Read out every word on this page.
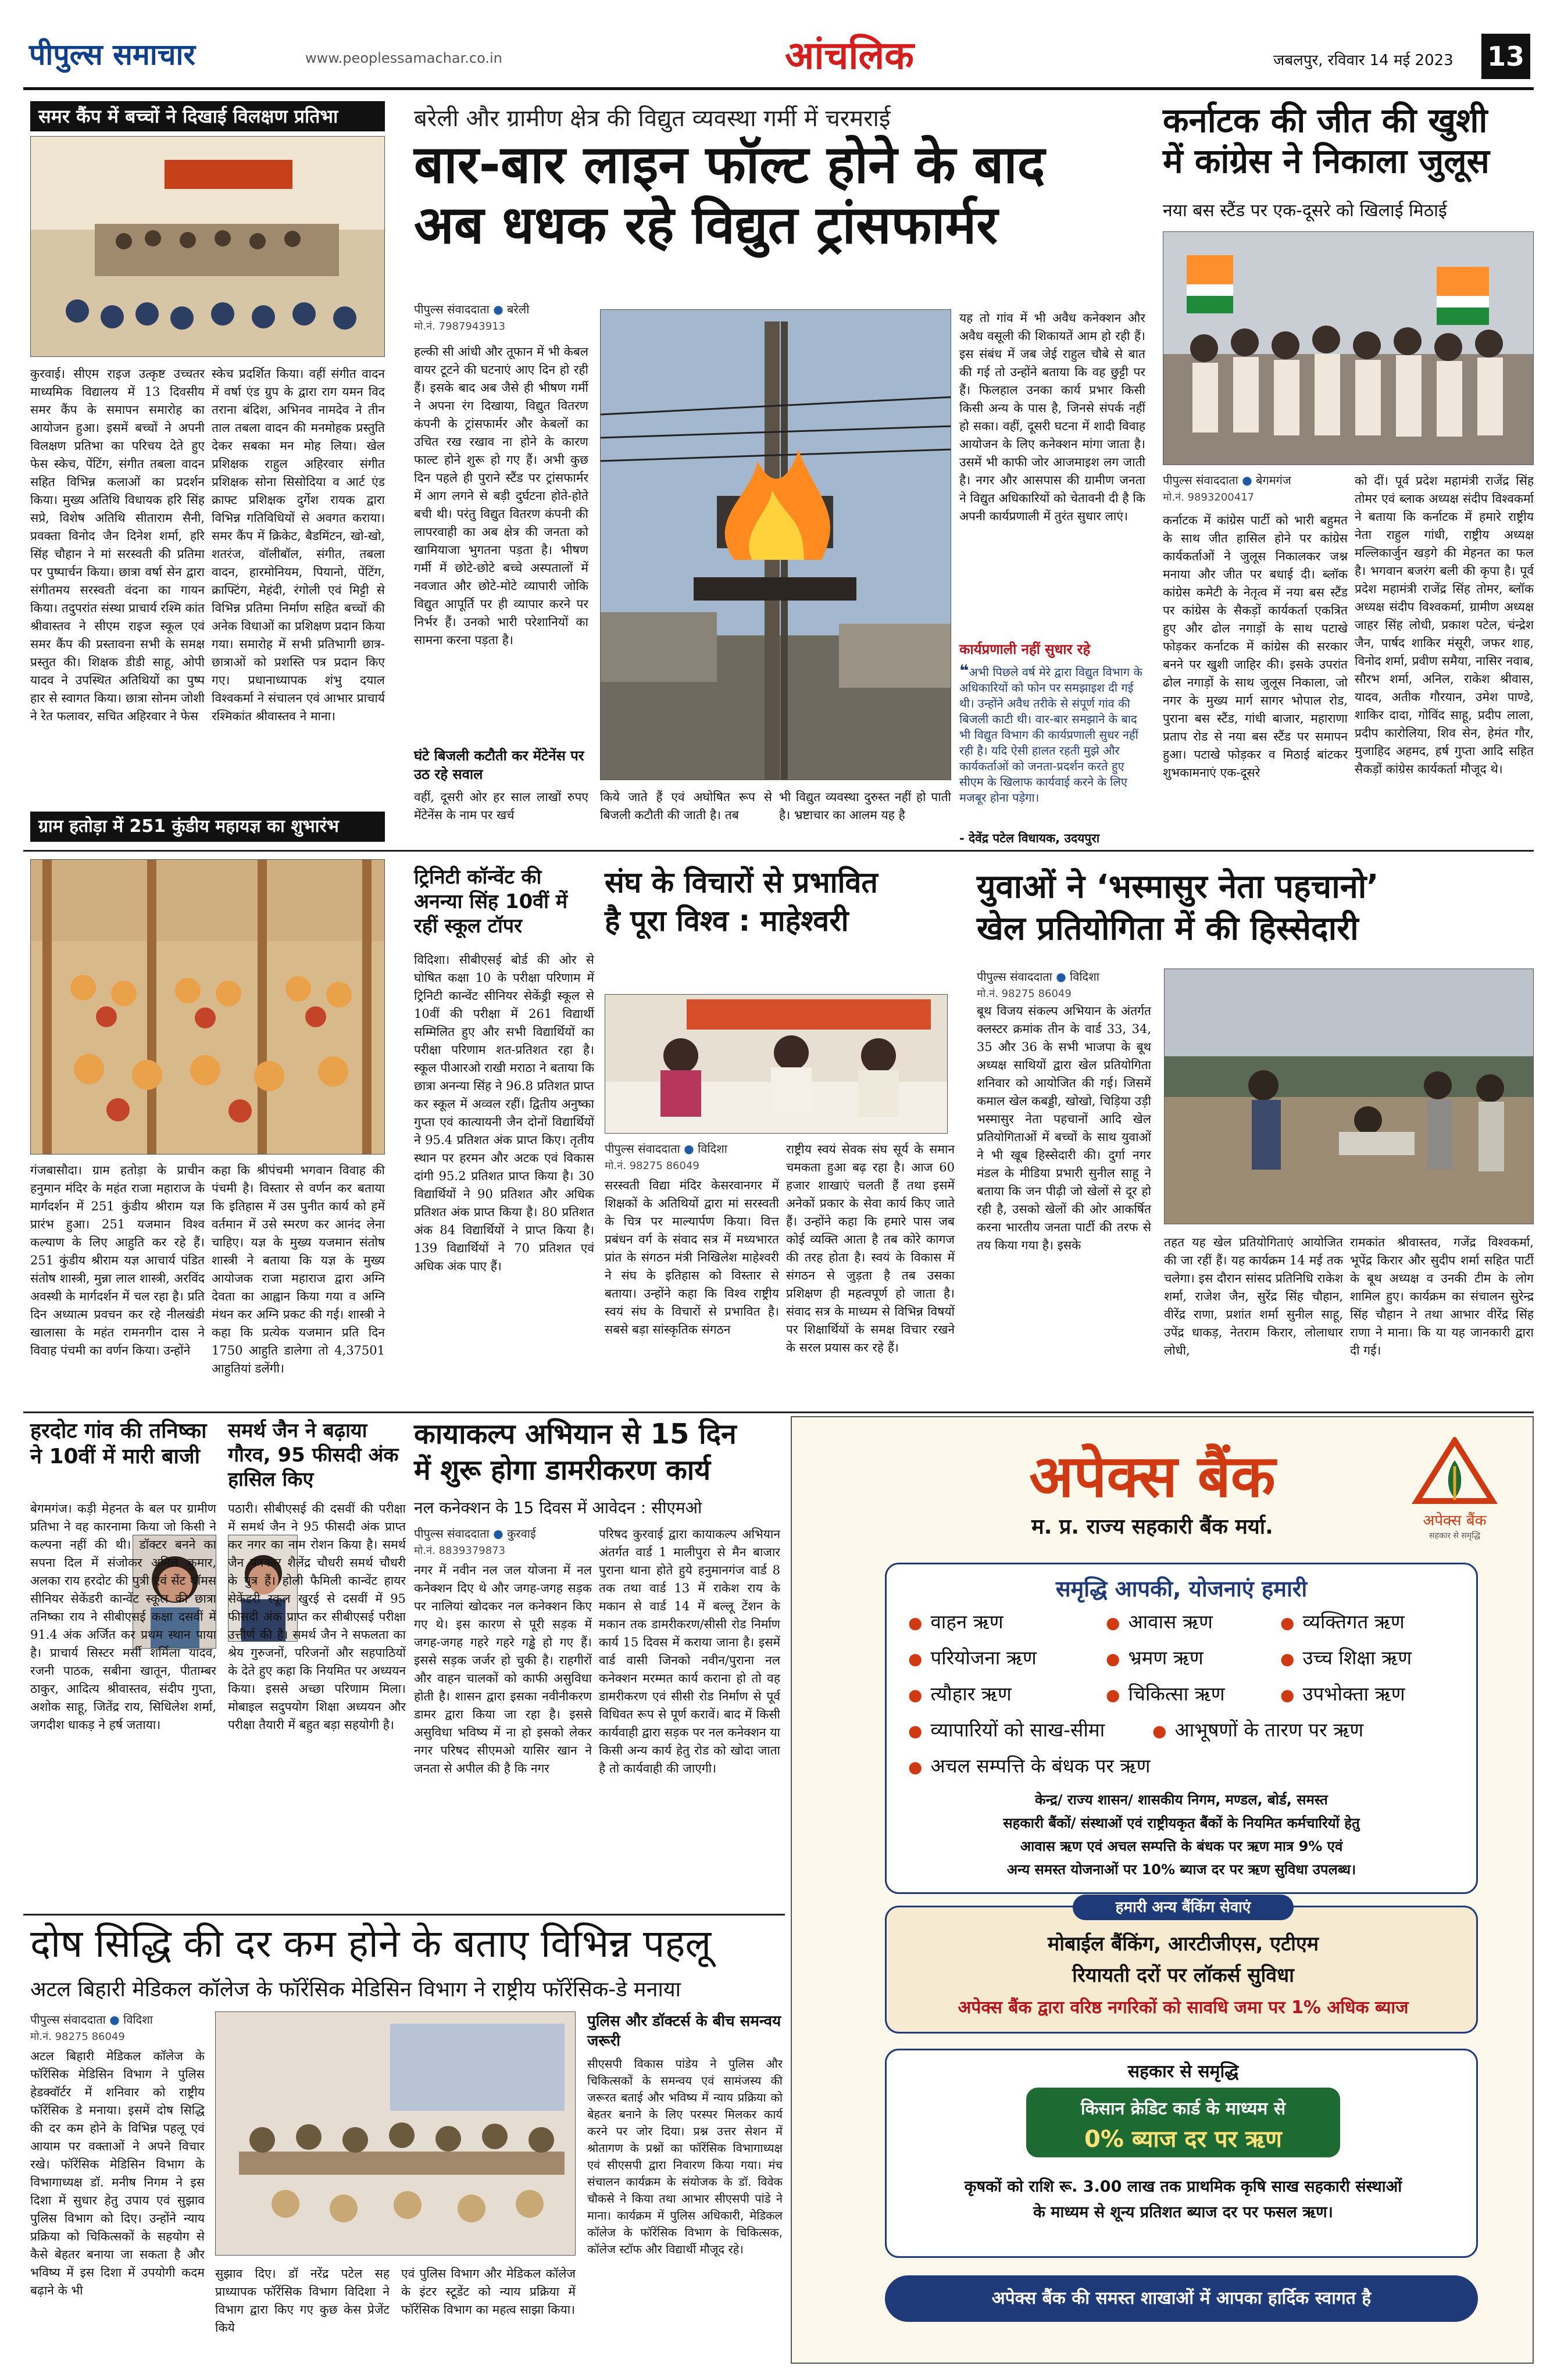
पीपुल्स समाचार	www.peoplessamachar.co.in	आंचलिक	जबलपुर, रविवार 14 मई 2023 13
समर कैंप में बच्चों ने दिखाई विलक्षण प्रतिभा
कुरवाई। सीएम राइज उत्कृष्ट उच्चतर माध्यमिक विद्यालय में 13 दिवसीय समर कैंप के समापन समारोह का आयोजन हुआ। इसमें बच्चों ने अपनी विलक्षण प्रतिभा का परिचय देते हुए फेस स्केच, पेंटिंग, संगीत तबला वादन सहित विभिन्न कलाओं का प्रदर्शन किया। मुख्य अतिथि विधायक हरि सिंह सप्रे, विशेष अतिथि सीताराम सैनी, प्रवक्ता विनोद जैन दिनेश शर्मा, हरि सिंह चौहान ने मां सरस्वती की प्रतिमा पर पुष्पार्चन किया। छात्रा वर्षा सेन द्वारा संगीतमय सरस्वती वंदना का गायन किया। तदुपरांत संस्था प्राचार्य रश्मि कांत श्रीवास्तव ने सीएम राइज स्कूल एवं समर कैंप की प्रस्तावना सभी के समक्ष प्रस्तुत की। शिक्षक डीडी साहू, ओपी यादव ने उपस्थित अतिथियों का पुष्प हार से स्वागत किया। छात्रा सोनम जोशी ने रेत फलावर, सचित अहिरवार ने फेस
स्केच प्रदर्शित किया। वहीं संगीत वादन में वर्षा एंड ग्रुप के द्वारा राग यमन विद तराना बंदिश, अभिनव नामदेव ने तीन ताल तबला वादन की मनमोहक प्रस्तुति देकर सबका मन मोह लिया। खेल प्रशिक्षक राहुल अहिरवार संगीत प्रशिक्षक सोना सिसोदिया व आर्ट एंड क्राफ्ट प्रशिक्षक दुर्गेश रायक द्वारा विभिन्न गतिविधियों से अवगत कराया। समर कैंप में क्रिकेट, बैडमिंटन, खो-खो, शतरंज, वॉलीबॉल, संगीत, तबला वादन, हारमोनियम, पियानो, पेंटिंग, क्राफ्टिंग, मेहंदी, रंगोली एवं मिट्टी से विभिन्न प्रतिमा निर्माण सहित बच्चों की अनेक विधाओं का प्रशिक्षण प्रदान किया गया। समारोह में सभी प्रतिभागी छात्र-छात्राओं को प्रशस्ति पत्र प्रदान किए गए। प्रधानाध्यापक शंभु दयाल विश्वकर्मा ने संचालन एवं आभार प्राचार्य रश्मिकांत श्रीवास्तव ने माना।
बरेली और ग्रामीण क्षेत्र की विद्युत व्यवस्था गर्मी में चरमराई
बार-बार लाइन फॉल्ट होने के बाद
अब धधक रहे विद्युत ट्रांसफार्मर
पीपुल्स संवाददाता ● बरेली
मो.नं. 7987943913
हल्की सी आंधी और तूफान में भी केबल वायर टूटने की घटनाएं आए दिन हो रही हैं। इसके बाद अब जैसे ही भीषण गर्मी ने अपना रंग दिखाया, विद्युत वितरण कंपनी के ट्रांसफार्मर और केबलों का उचित रख रखाव ना होने के कारण फाल्ट होने शुरू हो गए हैं। अभी कुछ दिन पहले ही पुराने स्टैंड पर ट्रांसफार्मर में आग लगने से बड़ी दुर्घटना होते-होते बची थी। परंतु विद्युत वितरण कंपनी की लापरवाही का अब क्षेत्र की जनता को खामियाजा भुगतना पड़ता है। भीषण गर्मी में छोटे-छोटे बच्चे अस्पतालों में नवजात और छोटे-मोटे व्यापारी जोकि विद्युत आपूर्ति पर ही व्यापार करने पर निर्भर हैं। उनको भारी परेशानियों का सामना करना पड़ता है।
घंटे बिजली कटौती कर मेंटेनेंस पर उठ रहे सवाल
वहीं, दूसरी ओर हर साल लाखों रुपए मेंटेनेंस के नाम पर खर्च
किये जाते हैं एवं अघोषित रूप से बिजली कटौती की जाती है। तब
भी विद्युत व्यवस्था दुरुस्त नहीं हो पाती है। भ्रष्टाचार का आलम यह है
यह तो गांव में भी अवैध कनेक्शन और अवैध वसूली की शिकायतें आम हो रही हैं। इस संबंध में जब जेई राहुल चौबे से बात की गई तो उन्होंने बताया कि वह छुट्टी पर हैं। फिलहाल उनका कार्य प्रभार किसी किसी अन्य के पास है, जिनसे संपर्क नहीं हो सका। वहीं, दूसरी घटना में शादी विवाह आयोजन के लिए कनेक्शन मांगा जाता है। उसमें भी काफी जोर आजमाइश लग जाती है। नगर और आसपास की ग्रामीण जनता ने विद्युत अधिकारियों को चेतावनी दी है कि अपनी कार्यप्रणाली में तुरंत सुधार लाएं।
कार्यप्रणाली नहीं सुधार रहे
❝अभी पिछले वर्ष मेरे द्वारा विद्युत विभाग के अधिकारियों को फोन पर समझाइश दी गई थी। उन्होंने अवैध तरीके से संपूर्ण गांव की बिजली काटी थी। वार-बार समझाने के बाद भी विद्युत विभाग की कार्यप्रणाली सुधर नहीं रही है। यदि ऐसी हालत रहती मुझे और कार्यकर्ताओं को जनता-प्रदर्शन करते हुए सीएम के खिलाफ कार्यवाई करने के लिए मजबूर होना पड़ेगा।
- देवेंद्र पटेल विधायक, उदयपुरा
कर्नाटक की जीत की खुशी
में कांग्रेस ने निकाला जुलूस
नया बस स्टैंड पर एक-दूसरे को खिलाई मिठाई
पीपुल्स संवाददाता ● बेगमगंज
मो.नं. 9893200417
कर्नाटक में कांग्रेस पार्टी को भारी बहुमत के साथ जीत हासिल होने पर कांग्रेस कार्यकर्ताओं ने जुलूस निकालकर जश्न मनाया और जीत पर बधाई दी। ब्लॉक कांग्रेस कमेटी के नेतृत्व में नया बस स्टैंड पर कांग्रेस के सैकड़ों कार्यकर्ता एकत्रित हुए और ढोल नगाड़ों के साथ पटाखे फोड़कर कर्नाटक में कांग्रेस की सरकार बनने पर खुशी जाहिर की। इसके उपरांत ढोल नगाड़ों के साथ जुलूस निकाला, जो नगर के मुख्य मार्ग सागर भोपाल रोड, पुराना बस स्टैंड, गांधी बाजार, महाराणा प्रताप रोड से नया बस स्टैंड पर समापन हुआ। पटाखे फोड़कर व मिठाई बांटकर शुभकामनाएं एक-दूसरे
को दीं। पूर्व प्रदेश महामंत्री राजेंद्र सिंह तोमर एवं ब्लाक अध्यक्ष संदीप विश्वकर्मा ने बताया कि कर्नाटक में हमारे राष्ट्रीय नेता राहुल गांधी, राष्ट्रीय अध्यक्ष मल्लिकार्जुन खड़गे की मेहनत का फल है। भगवान बजरंग बली की कृपा है। पूर्व प्रदेश महामंत्री राजेंद्र सिंह तोमर, ब्लॉक अध्यक्ष संदीप विश्वकर्मा, ग्रामीण अध्यक्ष जाहर सिंह लोधी, प्रकाश पटेल, चंन्द्रेश जैन, पार्षद शाकिर मंसूरी, जफर शाह, विनोद शर्मा, प्रवीण समैया, नासिर नवाब, सौरभ शर्मा, अनिल, राकेश श्रीवास, यादव, अतीक गौरयान, उमेश पाण्डे, शाकिर दादा, गोविंद साहू, प्रदीप लाला, प्रदीप कारोलिया, शिव सेन, हेमंत गौर, मुजाहिद अहमद, हर्ष गुप्ता आदि सहित सैकड़ों कांग्रेस कार्यकर्ता मौजूद थे।
ग्राम हतोड़ा में 251 कुंडीय महायज्ञ का शुभारंभ
गंजबासौदा। ग्राम हतोड़ा के प्राचीन हनुमान मंदिर के महंत राजा महाराज के मार्गदर्शन में 251 कुंडीय श्रीराम यज्ञ प्रारंभ हुआ। 251 यजमान विश्व कल्याण के लिए आहुति कर रहे हैं। 251 कुंडीय श्रीराम यज्ञ आचार्य पंडित संतोष शास्त्री, मुन्ना लाल शास्त्री, अरविंद अवस्थी के मार्गदर्शन में चल रहा है। प्रति दिन अध्यात्म प्रवचन कर रहे नीलखंडी खालासा के महंत रामनगीन दास ने विवाह पंचमी का वर्णन किया। उन्होंने
कहा कि श्रीपंचमी भगवान विवाह की पंचमी है। विस्तार से वर्णन कर बताया कि इतिहास में उस पुनीत कार्य को हमें वर्तमान में उसे स्मरण कर आनंद लेना चाहिए। यज्ञ के मुख्य यजमान संतोष शास्त्री ने बताया कि यज्ञ के मुख्य आयोजक राजा महाराज द्वारा अग्नि देवता का आह्वान किया गया व अग्नि मंथन कर अग्नि प्रकट की गई। शास्त्री ने कहा कि प्रत्येक यजमान प्रति दिन 1750 आहुति डालेगा तो 4,37501 आहुतियां डलेंगी।
ट्रिनिटी कॉन्वेंट की अनन्या सिंह 10वीं में रहीं स्कूल टॉपर
विदिशा। सीबीएसई बोर्ड की ओर से घोषित कक्षा 10 के परीक्षा परिणाम में ट्रिनिटी कान्वेंट सीनियर सेकेंड्री स्कूल से 10वीं की परीक्षा में 261 विद्यार्थी सम्मिलित हुए और सभी विद्यार्थियों का परीक्षा परिणाम शत-प्रतिशत रहा है। स्कूल पीआरओ राखी मराठा ने बताया कि छात्रा अनन्या सिंह ने 96.8 प्रतिशत प्राप्त कर स्कूल में अव्वल रहीं। द्वितीय अनुष्का गुप्ता एवं कात्यायनी जैन दोनों विद्यार्थियों ने 95.4 प्रतिशत अंक प्राप्त किए। तृतीय स्थान पर हरमन और अटक एवं विकास दांगी 95.2 प्रतिशत प्राप्त किया है। 30 विद्यार्थियों ने 90 प्रतिशत और अधिक प्रतिशत अंक प्राप्त किया है। 80 प्रतिशत अंक 84 विद्यार्थियों ने प्राप्त किया है। 139 विद्यार्थियों ने 70 प्रतिशत एवं अधिक अंक पाए हैं।
संघ के विचारों से प्रभावित
है पूरा विश्व : माहेश्वरी
पीपुल्स संवाददाता ● विदिशा
मो.नं. 98275 86049
सरस्वती विद्या मंदिर केसरवानगर में शिक्षकों के अतिथियों द्वारा मां सरस्वती के चित्र पर माल्यार्पण किया। वित्त प्रबंधन वर्ग के संवाद सत्र में मध्यभारत प्रांत के संगठन मंत्री निखिलेश माहेश्वरी ने संघ के इतिहास को विस्तार से बताया। उन्होंने कहा कि विश्व राष्ट्रीय स्वयं संघ के विचारों से प्रभावित है। सबसे बड़ा सांस्कृतिक संगठन
राष्ट्रीय स्वयं सेवक संघ सूर्य के समान चमकता हुआ बढ़ रहा है। आज 60 हजार शाखाएं चलती हैं तथा इसमें अनेकों प्रकार के सेवा कार्य किए जाते हैं। उन्होंने कहा कि हमारे पास जब कोई व्यक्ति आता है तब कोरे कागज की तरह होता है। स्वयं के विकास में संगठन से जुड़ता है तब उसका प्रशिक्षण ही महत्वपूर्ण हो जाता है। संवाद सत्र के माध्यम से विभिन्न विषयों पर शिक्षार्थियों के समक्ष विचार रखने के सरल प्रयास कर रहे हैं।
युवाओं ने ‘भस्मासुर नेता पहचानो’
खेल प्रतियोगिता में की हिस्सेदारी
पीपुल्स संवाददाता ● विदिशा
मो.नं. 98275 86049
बूथ विजय संकल्प अभियान के अंतर्गत क्लस्टर क्रमांक तीन के वार्ड 33, 34, 35 और 36 के सभी भाजपा के बूथ अध्यक्ष साथियों द्वारा खेल प्रतियोगिता शनिवार को आयोजित की गई। जिसमें कमाल खेल कबड्डी, खोखो, चिड़िया उड़ी भस्मासुर नेता पहचानों आदि खेल प्रतियोगिताओं में बच्चों के साथ युवाओं ने भी खूब हिस्सेदारी की। दुर्गा नगर मंडल के मीडिया प्रभारी सुनील साहू ने बताया कि जन पीढ़ी जो खेलों से दूर हो रही है, उसको खेलों की ओर आकर्षित करना भारतीय जनता पार्टी की तरफ से तय किया गया है। इसके	तहत यह खेल प्रतियोगिताएं आयोजित की जा रहीं हैं। यह कार्यक्रम 14 मई तक चलेगा। इस दौरान सांसद प्रतिनिधि राकेश शर्मा, राजेश जैन, सुरेंद्र सिंह चौहान, वीरेंद्र राणा, प्रशांत शर्मा सुनील साहू, उपेंद्र धाकड़, नेतराम किरार, लोलाधार लोधी,
रामकांत श्रीवास्तव, गजेंद्र विश्वकर्मा, भूपेंद्र किरार और सुदीप शर्मा सहित पार्टी के बूथ अध्यक्ष व उनकी टीम के लोग शामिल हुए। कार्यक्रम का संचालन सुरेन्द्र सिंह चौहान ने तथा आभार वीरेंद्र सिंह राणा ने माना। कि या यह जानकारी द्वारा दी गई।
हरदोट गांव की तनिष्का ने 10वीं में मारी बाजी
बेगमगंज। कड़ी मेहनत के बल पर ग्रामीण प्रतिभा ने वह कारनामा किया जो किसी ने कल्पना नहीं की थी। डॉक्टर बनने का सपना दिल में संजोकर अनिल कुमार, अलका राय हरदोट की पुत्री एवं सेंट थॉमस सीनियर सेकेंडरी कान्वेंट स्कूल की छात्रा तनिष्का राय ने सीबीएसई कक्षा दसवीं में 91.4 अंक अर्जित कर प्रथम स्थान पाया है। प्राचार्य सिस्टर मर्सी शर्मिला यादव, रजनी पाठक, सबीना खातून, पीताम्बर ठाकुर, आदित्य श्रीवास्तव, संदीप गुप्ता, अशोक साहू, जितेंद्र राय, सिधिलेश शर्मा, जगदीश धाकड़ ने हर्ष जताया।
समर्थ जैन ने बढ़ाया गौरव, 95 फीसदी अंक हासिल किए
पठारी। सीबीएसई की दसवीं की परीक्षा में समर्थ जैन ने 95 फीसदी अंक प्राप्त कर नगर का नाम रोशन किया है। समर्थ जैन पत्रकार शैलेंद्र चौधरी समर्थ चौधरी के पुत्र हैं। होली फैमिली कान्वेंट हायर सेकेंडरी स्कूल खुरई से दसवीं में 95 फीसदी अंक प्राप्त कर सीबीएसई परीक्षा उत्तीर्ण की है। समर्थ जैन ने सफलता का श्रेय गुरुजनों, परिजनों और सहपाठियों के देते हुए कहा कि नियमित पर अध्ययन किया। इससे अच्छा परिणाम मिला। मोबाइल सदुपयोग शिक्षा अध्ययन और परीक्षा तैयारी में बहुत बड़ा सहयोगी है।
कायाकल्प अभियान से 15 दिन
में शुरू होगा डामरीकरण कार्य
नल कनेक्शन के 15 दिवस में आवेदन : सीएमओ
पीपुल्स संवाददाता ● कुरवाई
मो.नं. 8839379873
नगर में नवीन नल जल योजना में नल कनेक्शन दिए थे और जगह-जगह सड़क पर नालियां खोदकर नल कनेक्शन किए गए थे। इस कारण से पूरी सड़क में जगह-जगह गहरे गहरे गड्ढे हो गए हैं। इससे सड़क जर्जर हो चुकी है। राहगीरों और वाहन चालकों को काफी असुविधा होती है। शासन द्वारा इसका नवीनीकरण डामर द्वारा किया जा रहा है। इससे असुविधा भविष्य में ना हो इसको लेकर नगर परिषद सीएमओ यासिर खान ने जनता से अपील की है कि नगर
परिषद कुरवाई द्वारा कायाकल्प अभियान अंतर्गत वार्ड 1 मालीपुरा से मैन बाजार पुराना थाना होते हुये हनुमानगंज वार्ड 8 तक तथा वार्ड 13 में राकेश राय के मकान से वार्ड 14 में बल्लू टेंशन के मकान तक डामरीकरण/सीसी रोड निर्माण कार्य 15 दिवस में कराया जाना है। इसमें वार्ड वासी जिनको नवीन/पुराना नल कनेक्शन मरम्मत कार्य कराना हो तो वह डामरीकरण एवं सीसी रोड निर्माण से पूर्व विधिवत रूप से पूर्ण करावें। बाद में किसी कार्यवाही द्वारा सड़क पर नल कनेक्शन या किसी अन्य कार्य हेतु रोड को खोदा जाता है तो कार्यवाही की जाएगी।
अपेक्स बैंक
म. प्र. राज्य सहकारी बैंक मर्या.	अपेक्स बैंक
सहकार से समृद्धि
समृद्धि आपकी, योजनाएं हमारी
● वाहन ऋण	● आवास ऋण	● व्यक्तिगत ऋण
● परियोजना ऋण	● भ्रमण ऋण	● उच्च शिक्षा ऋण
● त्यौहार ऋण	● चिकित्सा ऋण	● उपभोक्ता ऋण
● व्यापारियों को साख-सीमा	● आभूषणों के तारण पर ऋण
● अचल सम्पत्ति के बंधक पर ऋण
केन्द्र/ राज्य शासन/ शासकीय निगम, मण्डल, बोर्ड, समस्त
सहकारी बैंकों/ संस्थाओं एवं राष्ट्रीयकृत बैंकों के नियमित कर्मचारियों हेतु
आवास ऋण एवं अचल सम्पत्ति के बंधक पर ऋण मात्र 9% एवं
अन्य समस्त योजनाओं पर 10% ब्याज दर पर ऋण सुविधा उपलब्ध।
हमारी अन्य बैंकिंग सेवाएं
मोबाईल बैंकिंग, आरटीजीएस, एटीएम
रियायती दरों पर लॉकर्स सुविधा
अपेक्स बैंक द्वारा वरिष्ठ नगरिकों को सावधि जमा पर 1% अधिक ब्याज
सहकार से समृद्धि
किसान क्रेडिट कार्ड के माध्यम से
0% ब्याज दर पर ऋण
कृषकों को राशि रू. 3.00 लाख तक प्राथमिक कृषि साख सहकारी संस्थाओं
के माध्यम से शून्य प्रतिशत ब्याज दर पर फसल ऋण।
अपेक्स बैंक की समस्त शाखाओं में आपका हार्दिक स्वागत है
दोष सिद्धि की दर कम होने के बताए विभिन्न पहलू
अटल बिहारी मेडिकल कॉलेज के फॉरेंसिक मेडिसिन विभाग ने राष्ट्रीय फॉरेंसिक-डे मनाया
पीपुल्स संवाददाता ● विदिशा
मो.नं. 98275 86049
अटल बिहारी मेडिकल कॉलेज के फॉरेंसिक मेडिसिन विभाग ने पुलिस हेडक्वॉर्टर में शनिवार को राष्ट्रीय फॉरेंसिक डे मनाया। इसमें दोष सिद्धि की दर कम होने के विभिन्न पहलू एवं आयाम पर वक्ताओं ने अपने विचार रखे। फॉरेंसिक मेडिसिन विभाग के विभागाध्यक्ष डॉ. मनीष निगम ने इस दिशा में सुधार हेतु उपाय एवं सुझाव पुलिस विभाग को दिए। उन्होंने न्याय प्रक्रिया को चिकित्सकों के सहयोग से कैसे बेहतर बनाया जा सकता है और भविष्य में इस दिशा में उपयोगी कदम बढ़ाने के भी
सुझाव दिए। डॉ नरेंद्र पटेल सह प्राध्यापक फॉरेंसिक विभाग विदिशा ने विभाग द्वारा किए गए कुछ केस प्रेजेंट किये
एवं पुलिस विभाग और मेडिकल कॉलेज के इंटर स्टूडेंट को न्याय प्रक्रिया में फॉरेंसिक विभाग का महत्व साझा किया।
पुलिस और डॉक्टर्स के बीच समन्वय जरूरी
सीएसपी विकास पांडेय ने पुलिस और चिकित्सकों के समन्वय एवं सामंजस्य की जरूरत बताई और भविष्य में न्याय प्रक्रिया को बेहतर बनाने के लिए परस्पर मिलकर कार्य करने पर जोर दिया। प्रश्न उत्तर सेशन में श्रोतागण के प्रश्नों का फॉरेंसिक विभागाध्यक्ष एवं सीएसपी द्वारा निवारण किया गया। मंच संचालन कार्यक्रम के संयोजक के डॉ. विवेक चौकसे ने किया तथा आभार सीएसपी पांडे ने माना। कार्यक्रम में पुलिस अधिकारी, मेडिकल कॉलेज के फॉरेंसिक विभाग के चिकित्सक, कॉलेज स्टॉफ और विद्यार्थी मौजूद रहे।
